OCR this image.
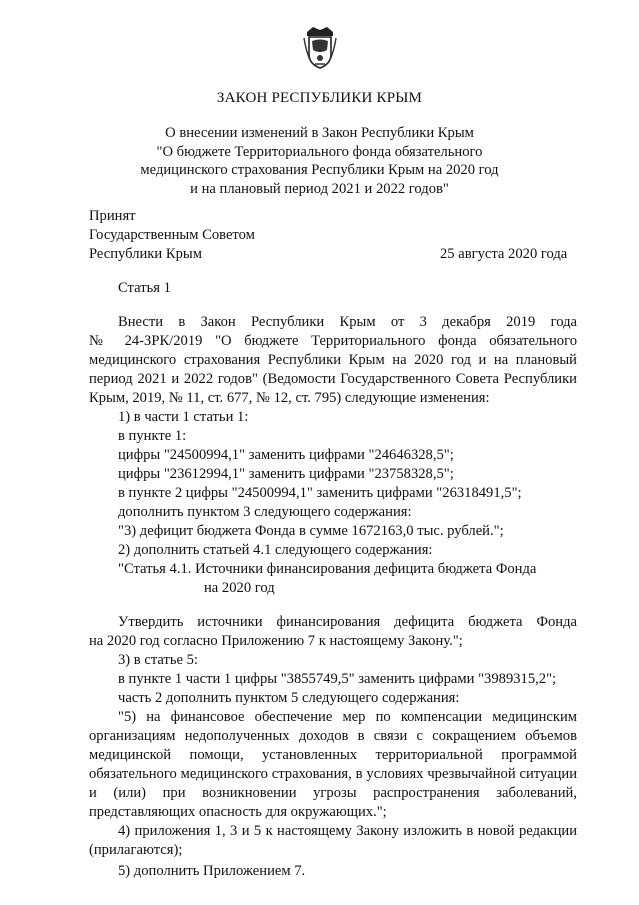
ЗАКОН РЕСПУБЛИКИ КРЫМ
О внесении изменений в Закон Республики Крым
"О бюджете Территориального фонда обязательного
медицинского страхования Республики Крым на 2020 год
и на плановый период 2021 и 2022 годов"
Принят
Государственным Советом
Республики Крым	25 августа 2020 года
Статья 1
Внести в Закон Республики Крым от 3 декабря 2019 года
№ 24-ЗРК/2019 "О бюджете Территориального фонда обязательного
медицинского страхования Республики Крым на 2020 год и на плановый
период 2021 и 2022 годов" (Ведомости Государственного Совета Республики
Крым, 2019, № 11, ст. 677, № 12, ст. 795) следующие изменения:
1) в части 1 статьи 1:
в пункте 1:
цифры "24500994,1" заменить цифрами "24646328,5";
цифры "23612994,1" заменить цифрами "23758328,5";
в пункте 2 цифры "24500994,1" заменить цифрами "26318491,5";
дополнить пунктом 3 следующего содержания:
"3) дефицит бюджета Фонда в сумме 1672163,0 тыс. рублей.";
2) дополнить статьей 4.1 следующего содержания:
"Статья 4.1. Источники финансирования дефицита бюджета Фонда
на 2020 год
Утвердить источники финансирования дефицита бюджета Фонда
на 2020 год согласно Приложению 7 к настоящему Закону.";
3) в статье 5:
в пункте 1 части 1 цифры "3855749,5" заменить цифрами "3989315,2";
часть 2 дополнить пунктом 5 следующего содержания:
"5) на финансовое обеспечение мер по компенсации медицинским
организациям недополученных доходов в связи с сокращением объемов
медицинской помощи, установленных территориальной программой
обязательного медицинского страхования, в условиях чрезвычайной ситуации
и (или) при возникновении угрозы распространения заболеваний,
представляющих опасность для окружающих.";
4) приложения 1, 3 и 5 к настоящему Закону изложить в новой редакции
(прилагаются);
5) дополнить Приложением 7.
